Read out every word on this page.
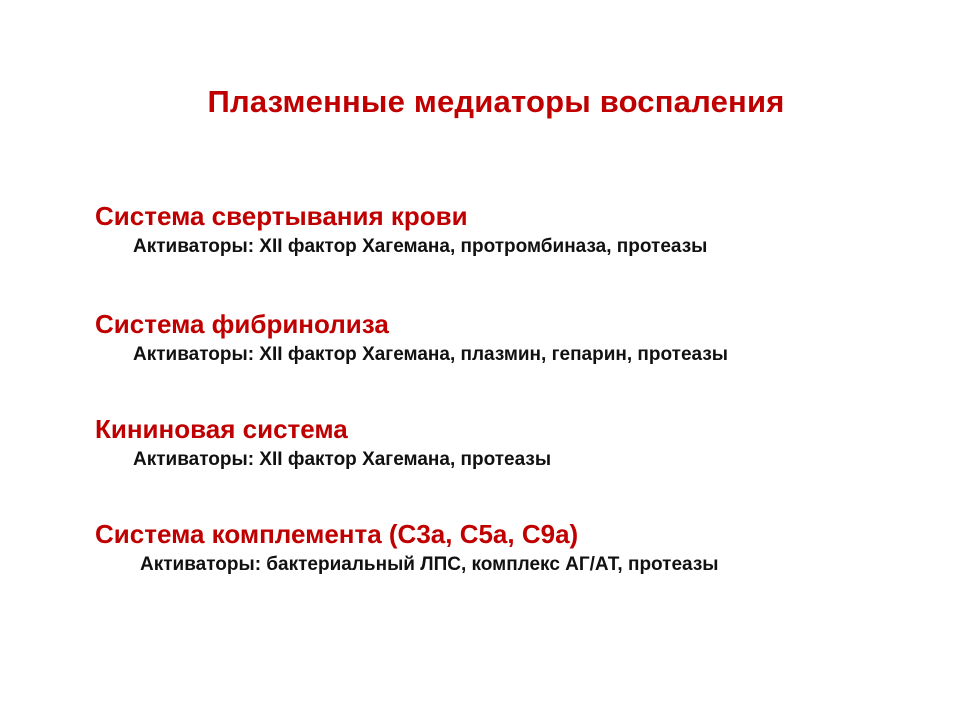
Плазменные медиаторы воспаления
Система свертывания крови
Активаторы: XII фактор Хагемана, протромбиназа, протеазы
Система фибринолиза
Активаторы: XII фактор Хагемана, плазмин, гепарин, протеазы
Кининовая система
Активаторы: XII фактор Хагемана, протеазы
Система комплемента (С3а, С5а, С9а)
Активаторы: бактериальный ЛПС, комплекс АГ/АТ, протеазы
